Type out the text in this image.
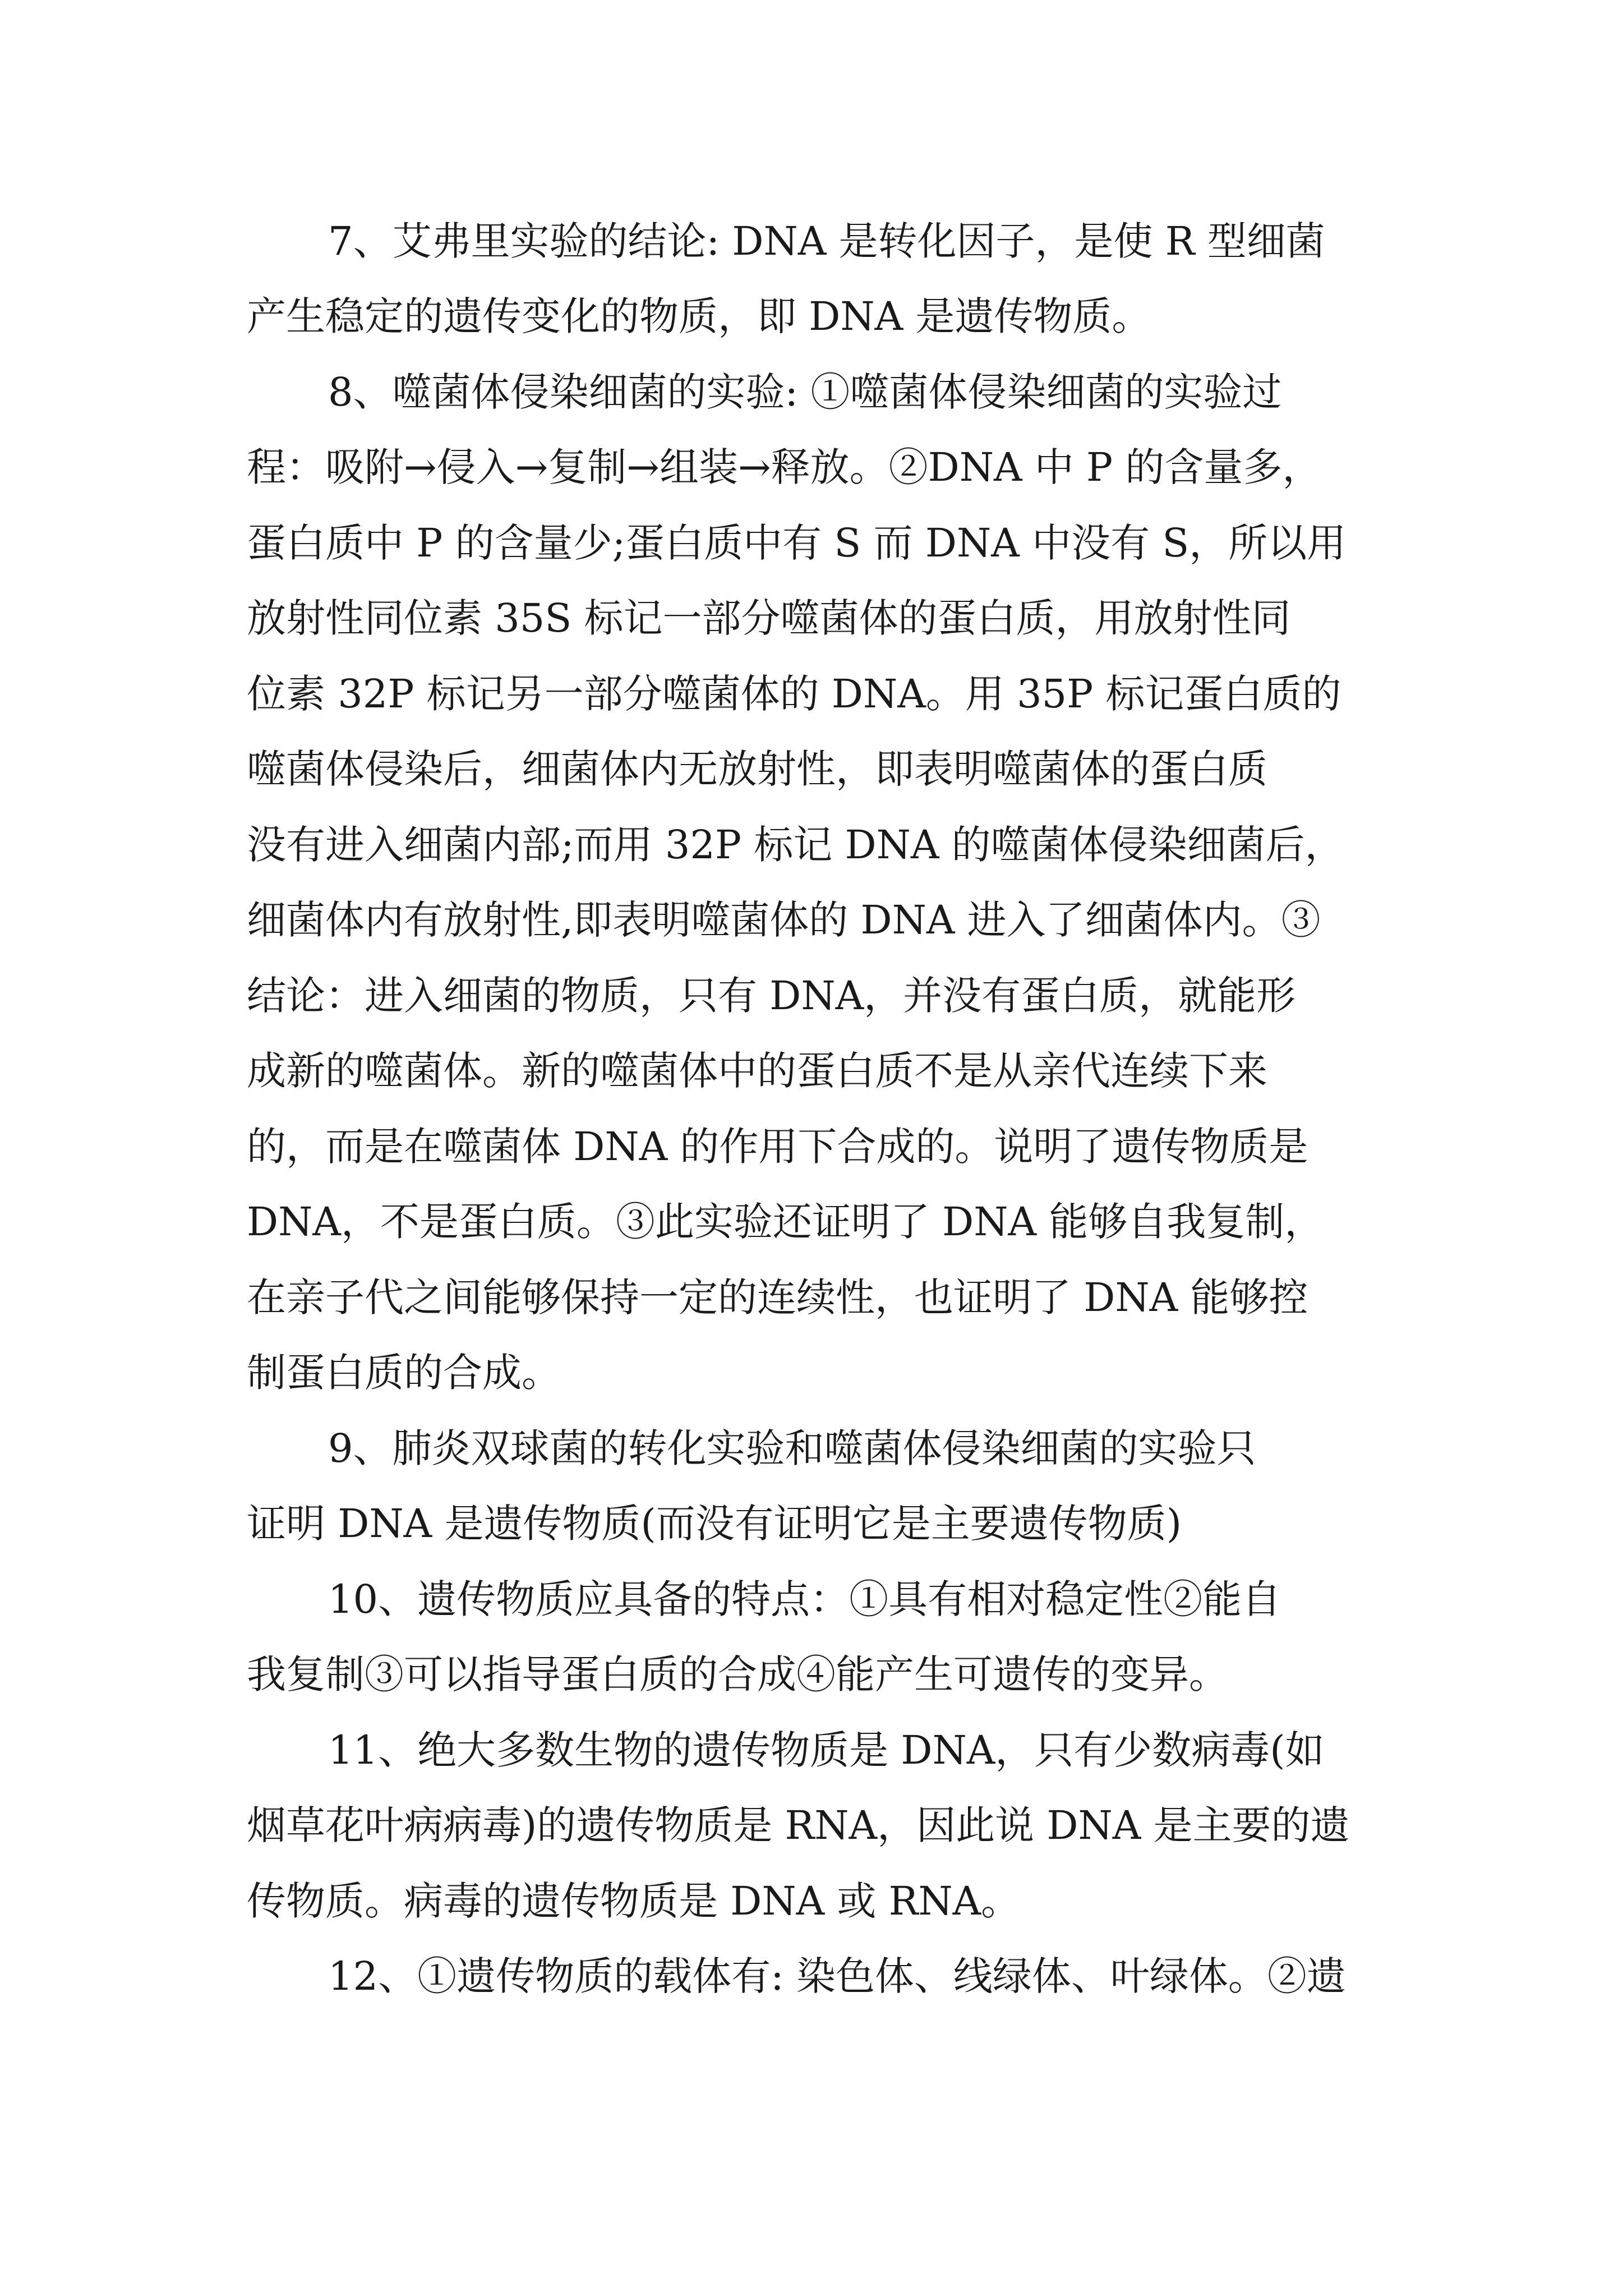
7、艾弗里实验的结论: DNA 是转化因子，是使 R 型细菌
产生稳定的遗传变化的物质，即 DNA 是遗传物质。
8、噬菌体侵染细菌的实验: ①噬菌体侵染细菌的实验过
程：吸附→侵入→复制→组装→释放。②DNA 中 P 的含量多，
蛋白质中 P 的含量少;蛋白质中有 S 而 DNA 中没有 S，所以用
放射性同位素 35S 标记一部分噬菌体的蛋白质，用放射性同
位素 32P 标记另一部分噬菌体的 DNA。用 35P 标记蛋白质的
噬菌体侵染后，细菌体内无放射性，即表明噬菌体的蛋白质
没有进入细菌内部;而用 32P 标记 DNA 的噬菌体侵染细菌后，
细菌体内有放射性,即表明噬菌体的 DNA 进入了细菌体内。③
结论：进入细菌的物质，只有 DNA，并没有蛋白质，就能形
成新的噬菌体。新的噬菌体中的蛋白质不是从亲代连续下来
的，而是在噬菌体 DNA 的作用下合成的。说明了遗传物质是
DNA，不是蛋白质。③此实验还证明了 DNA 能够自我复制，
在亲子代之间能够保持一定的连续性，也证明了 DNA 能够控
制蛋白质的合成。
9、肺炎双球菌的转化实验和噬菌体侵染细菌的实验只
证明 DNA 是遗传物质(而没有证明它是主要遗传物质)
10、遗传物质应具备的特点：①具有相对稳定性②能自
我复制③可以指导蛋白质的合成④能产生可遗传的变异。
11、绝大多数生物的遗传物质是 DNA，只有少数病毒(如
烟草花叶病病毒)的遗传物质是 RNA，因此说 DNA 是主要的遗
传物质。病毒的遗传物质是 DNA 或 RNA。
12、①遗传物质的载体有: 染色体、线绿体、叶绿体。②遗
